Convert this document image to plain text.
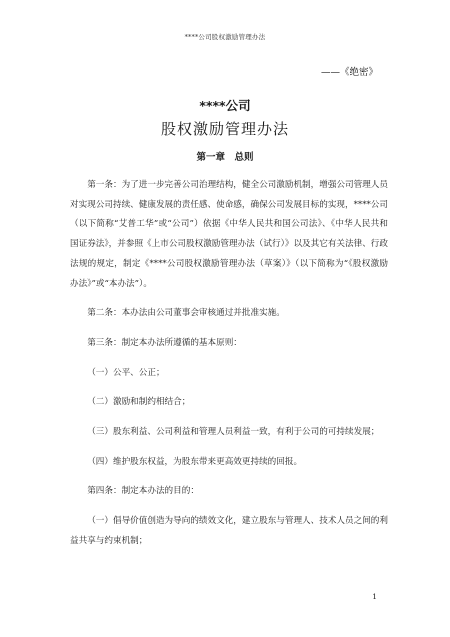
****公司股权激励管理办法
——《绝密》
****公司
股权激励管理办法
第一章　总则

第一条：为了进一步完善公司治理结构，健全公司激励机制，增强公司管理人员对实现公司持续、健康发展的责任感、使命感，确保公司发展目标的实现，****公司（以下简称“艾普工华”或“公司”）依据《中华人民共和国公司法》、《中华人民共和国证券法》，并参照《上市公司股权激励管理办法（试行）》以及其它有关法律、行政法规的规定，制定《****公司股权激励管理办法（草案）》（以下简称为“《股权激励办法》”或“本办法”）。

第二条：本办法由公司董事会审核通过并批准实施。

第三条：制定本办法所遵循的基本原则：

（一）公平、公正；

（二）激励和制约相结合；

（三）股东利益、公司利益和管理人员利益一致，有利于公司的可持续发展；

（四）维护股东权益，为股东带来更高效更持续的回报。

第四条：制定本办法的目的：

（一）倡导价值创造为导向的绩效文化，建立股东与管理人、技术人员之间的利益共享与约束机制；

1
